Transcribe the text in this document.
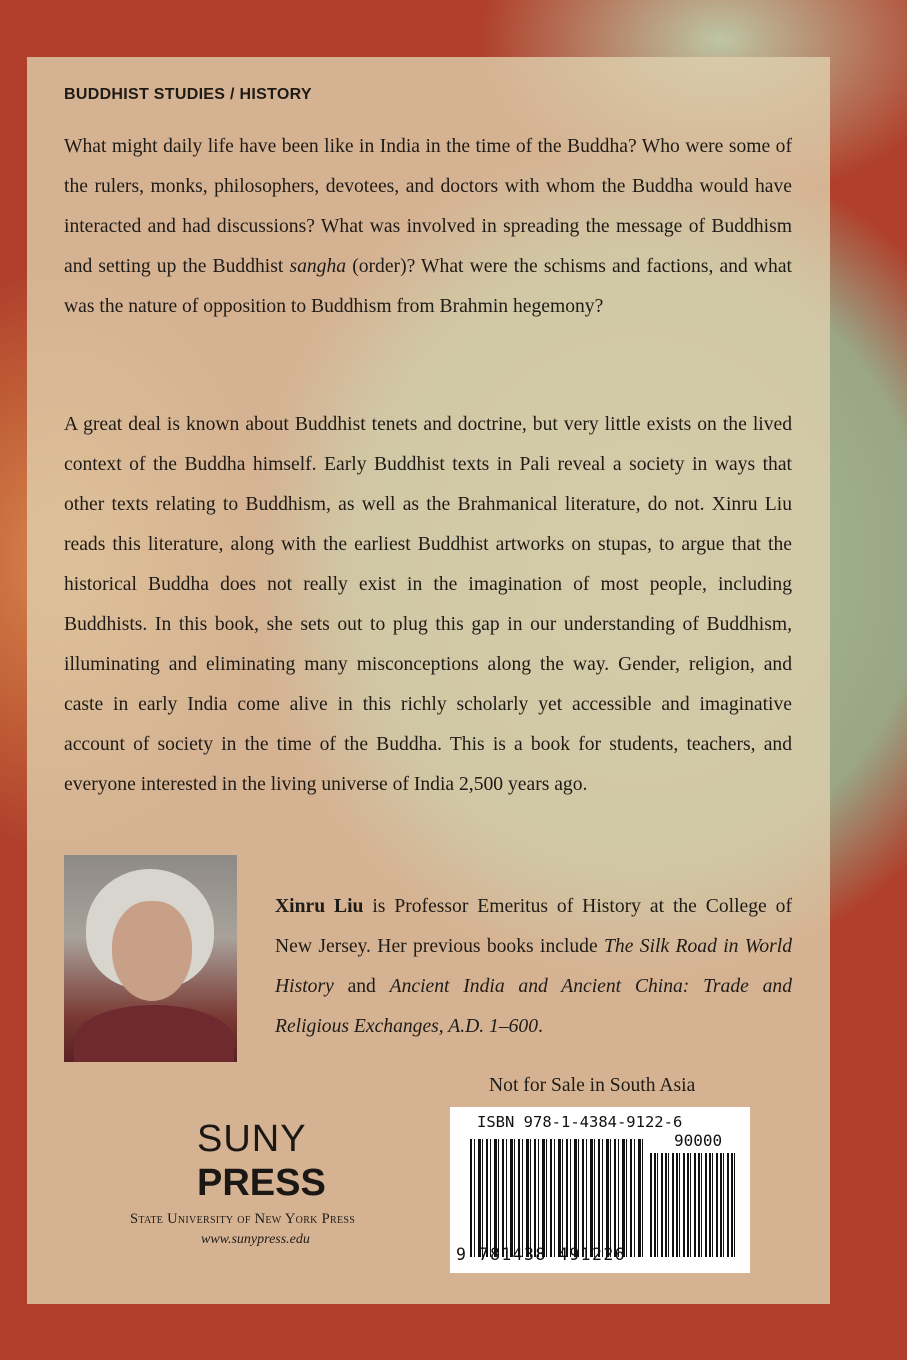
BUDDHIST STUDIES / HISTORY

What might daily life have been like in India in the time of the Buddha? Who were some of the rulers, monks, philosophers, devotees, and doctors with whom the Buddha would have interacted and had discussions? What was involved in spreading the message of Buddhism and setting up the Buddhist sangha (order)? What were the schisms and factions, and what was the nature of opposition to Buddhism from Brahmin hegemony?

A great deal is known about Buddhist tenets and doctrine, but very little exists on the lived context of the Buddha himself. Early Buddhist texts in Pali reveal a society in ways that other texts relating to Buddhism, as well as the Brahmanical literature, do not. Xinru Liu reads this literature, along with the earliest Buddhist artworks on stupas, to argue that the historical Buddha does not really exist in the imagination of most people, including Buddhists. In this book, she sets out to plug this gap in our understanding of Buddhism, illuminating and eliminating many misconceptions along the way. Gender, religion, and caste in early India come alive in this richly scholarly yet accessible and imaginative account of society in the time of the Buddha. This is a book for students, teachers, and everyone interested in the living universe of India 2,500 years ago.

Xinru Liu is Professor Emeritus of History at the College of New Jersey. Her previous books include The Silk Road in World History and Ancient India and Ancient China: Trade and Religious Exchanges, A.D. 1–600.

Not for Sale in South Asia
SUNY
PRESS
State University of New York Press
www.sunypress.edu
ISBN 978-1-4384-9122-6
90000
9 781438 491226
